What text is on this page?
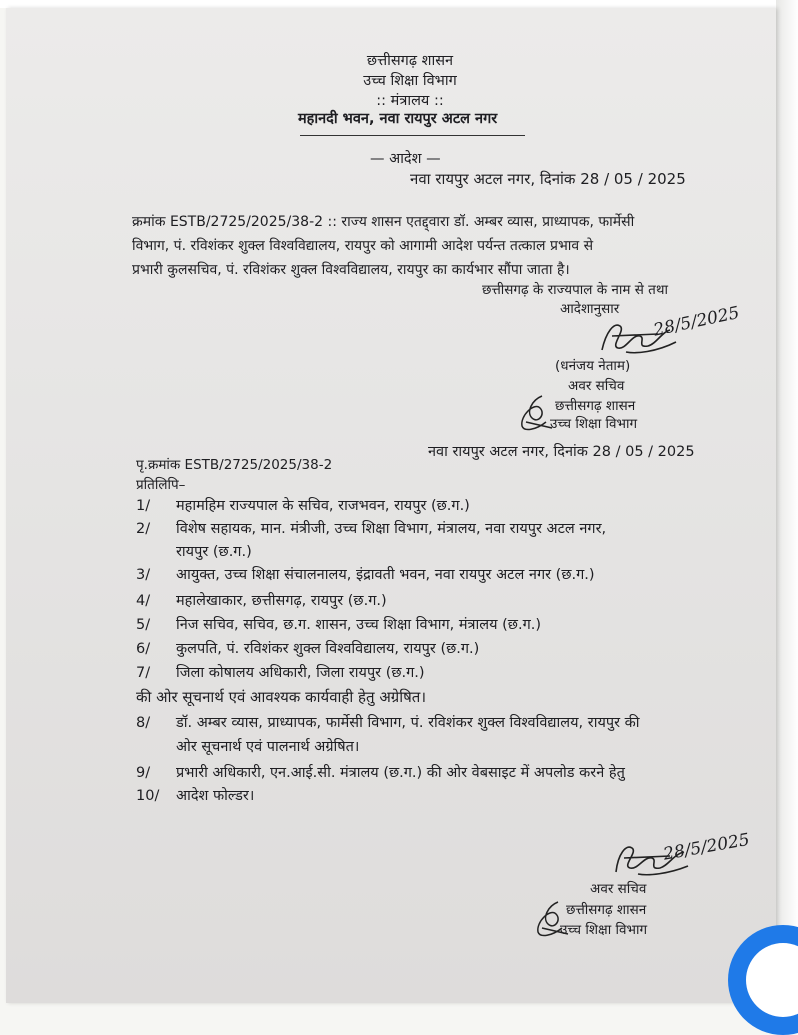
छत्तीसगढ़ शासन
उच्च शिक्षा विभाग
:: मंत्रालय ::
महानदी भवन, नवा रायपुर अटल नगर
— आदेश —
नवा रायपुर अटल नगर, दिनांक 28 / 05 / 2025
क्रमांक ESTB/2725/2025/38-2 :: राज्य शासन एतद्द्वारा डॉ. अम्बर व्यास, प्राध्यापक, फार्मेसी
विभाग, पं. रविशंकर शुक्ल विश्वविद्यालय, रायपुर को आगामी आदेश पर्यन्त तत्काल प्रभाव से
प्रभारी कुलसचिव, पं. रविशंकर शुक्ल विश्वविद्यालय, रायपुर का कार्यभार सौंपा जाता है।
छत्तीसगढ़ के राज्यपाल के नाम से तथा
आदेशानुसार 28/5/2025
(धनंजय नेताम)
अवर सचिव
छत्तीसगढ़ शासन
उच्च शिक्षा विभाग
पृ.क्रमांक ESTB/2725/2025/38-2
नवा रायपुर अटल नगर, दिनांक 28 / 05 / 2025
प्रतिलिपि–
1/ महामहिम राज्यपाल के सचिव, राजभवन, रायपुर (छ.ग.)
2/ विशेष सहायक, मान. मंत्रीजी, उच्च शिक्षा विभाग, मंत्रालय, नवा रायपुर अटल नगर,
रायपुर (छ.ग.)
3/ आयुक्त, उच्च शिक्षा संचालनालय, इंद्रावती भवन, नवा रायपुर अटल नगर (छ.ग.)
4/ महालेखाकार, छत्तीसगढ़, रायपुर (छ.ग.)
5/ निज सचिव, सचिव, छ.ग. शासन, उच्च शिक्षा विभाग, मंत्रालय (छ.ग.)
6/ कुलपति, पं. रविशंकर शुक्ल विश्वविद्यालय, रायपुर (छ.ग.)
7/ जिला कोषालय अधिकारी, जिला रायपुर (छ.ग.)
की ओर सूचनार्थ एवं आवश्यक कार्यवाही हेतु अग्रेषित।
8/ डॉ. अम्बर व्यास, प्राध्यापक, फार्मेसी विभाग, पं. रविशंकर शुक्ल विश्वविद्यालय, रायपुर की
ओर सूचनार्थ एवं पालनार्थ अग्रेषित।
9/ प्रभारी अधिकारी, एन.आई.सी. मंत्रालय (छ.ग.) की ओर वेबसाइट में अपलोड करने हेतु
10/ आदेश फोल्डर।
28/5/2025
अवर सचिव
छत्तीसगढ़ शासन
उच्च शिक्षा विभाग
